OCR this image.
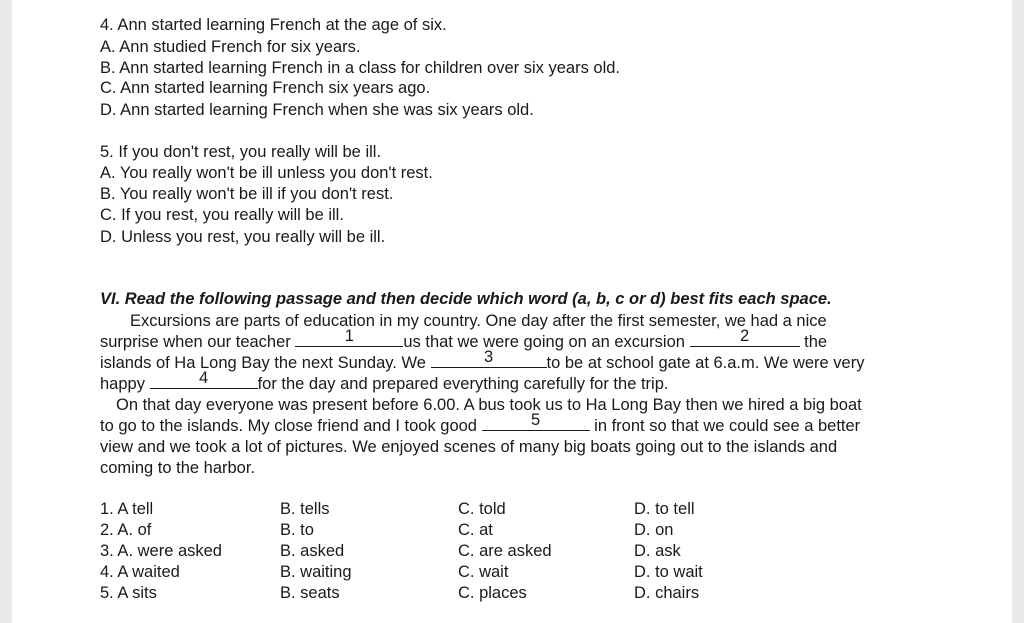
4. Ann started learning French at the age of six.
A. Ann studied French for six years.
B. Ann started learning French in a class for children over six years old.
C. Ann started learning French six years ago.
D. Ann started learning French when she was six years old.
5. If you don't rest, you really will be ill.
A. You really won't be ill unless you don't rest.
B. You really won't be ill if you don't rest.
C. If you rest, you really will be ill.
D. Unless you rest, you really will be ill.
VI. Read the following passage and then decide which word (a, b, c or d) best fits each space.
Excursions are parts of education in my country. One day after the first semester, we had a nice
surprise when our teacher	1	us that we were going on an excursion	2	the
islands of Ha Long Bay the next Sunday. We	3	to be at school gate at 6.a.m. We were very
happy	4	for the day and prepared everything carefully for the trip.
On that day everyone was present before 6.00. A bus took us to Ha Long Bay then we hired a big boat
to go to the islands. My close friend and I took good	5	in front so that we could see a better
view and we took a lot of pictures. We enjoyed scenes of many big boats going out to the islands and
coming to the harbor.
1. A tell	B. tells	C. told	D. to tell
2. A. of	B. to	C. at	D. on
3. A. were asked	B. asked	C. are asked	D. ask
4. A waited	B. waiting	C. wait	D. to wait
5. A sits	B. seats	C. places	D. chairs
